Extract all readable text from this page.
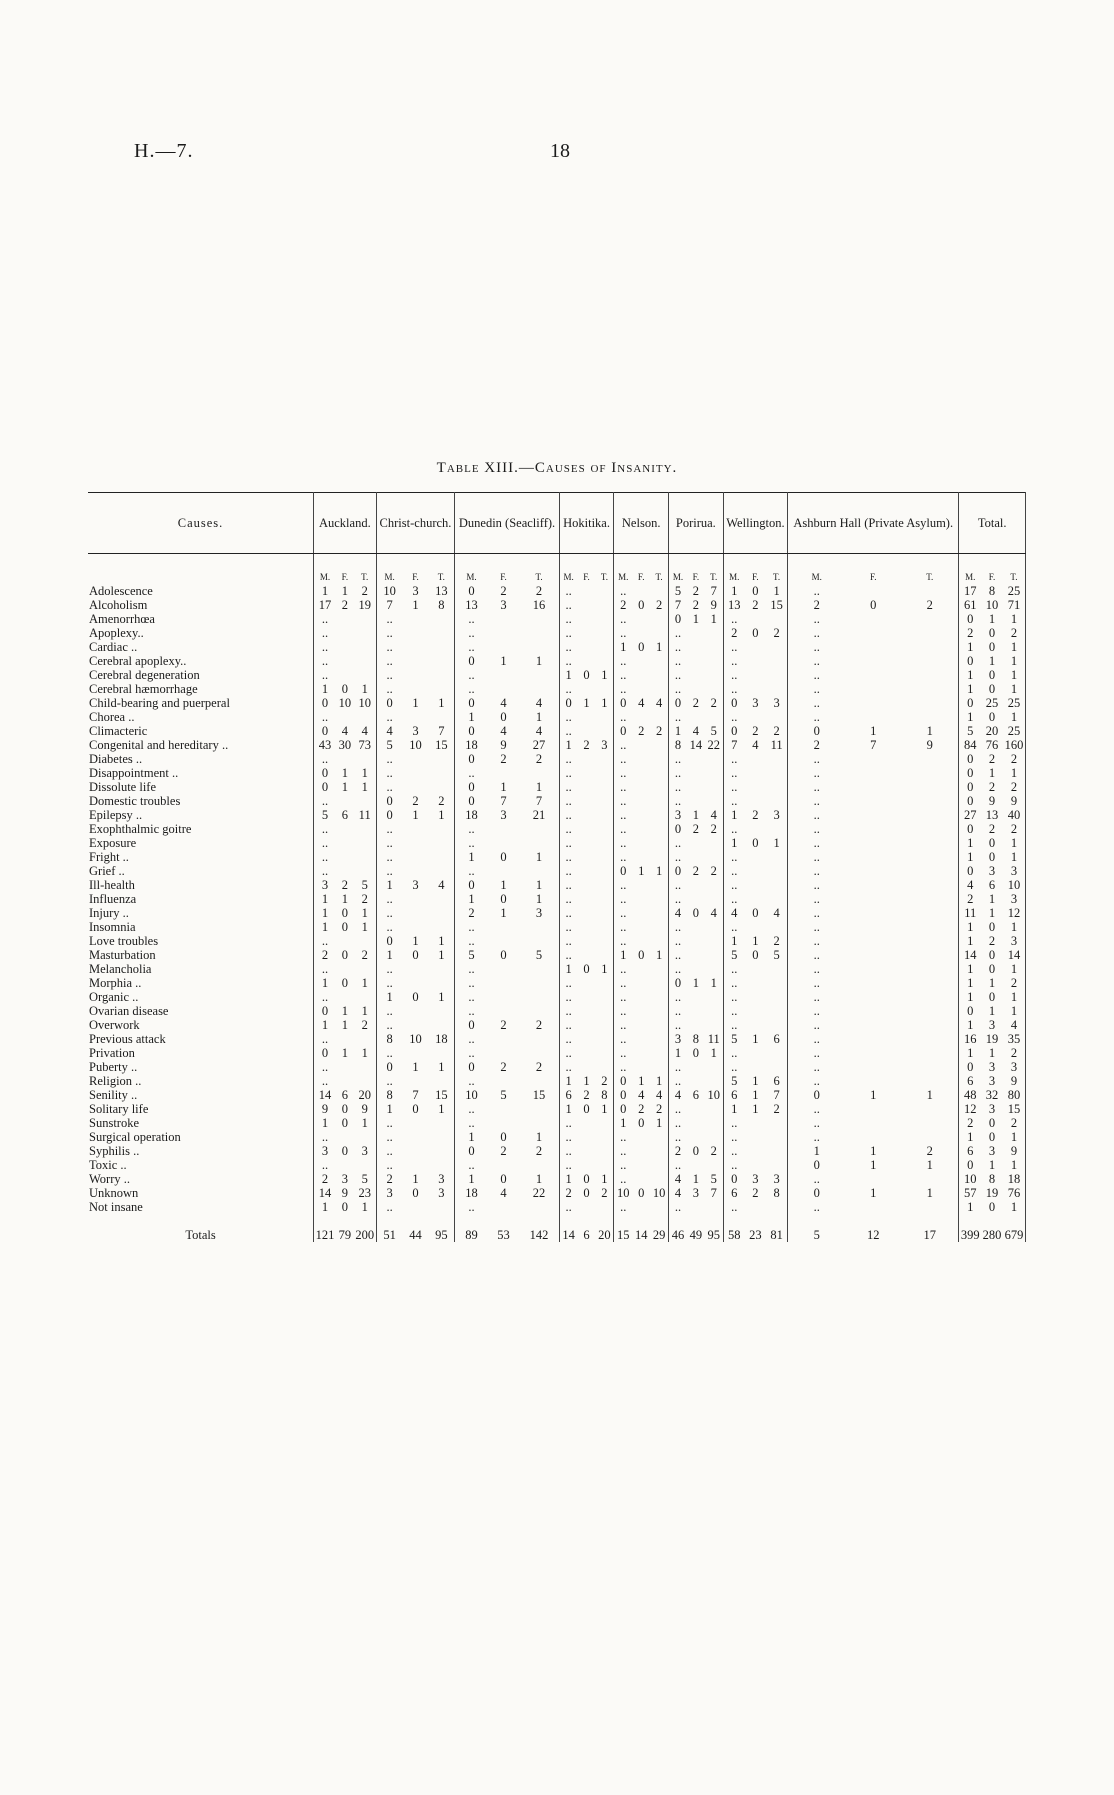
H.—7.	18
Table XIII.—Causes of Insanity.
Causes.	Auckland.			Christ-church.			Dunedin (Seacliff).			Hokitika.			Nelson.			Porirua.			Wellington.			Ashburn Hall (Private Asylum).			Total.		
	M.	F.	T.	M.	F.	T.	M.	F.	T.	M.	F.	T.	M.	F.	T.	M.	F.	T.	M.	F.	T.	M.	F.	T.	M.	F.	T.
Adolescence	1	1	2	10	3	13	0	2	2	..			..			5	2	7	1	0	1	..			17	8	25
Alcoholism	17	2	19	7	1	8	13	3	16	..			2	0	2	7	2	9	13	2	15	2	0	2	61	10	71
Amenorrhœa	..			..			..			..			..			0	1	1	..			..			0	1	1
Apoplexy..	..			..			..			..			..			..			2	0	2	..			2	0	2
Cardiac ..	..			..			..			..			1	0	1	..			..			..			1	0	1
Cerebral apoplexy..	..			..			0	1	1	..			..			..			..			..			0	1	1
Cerebral degeneration	..			..			..			1	0	1	..			..			..			..			1	0	1
Cerebral hæmorrhage	1	0	1	..			..			..			..			..			..			..			1	0	1
Child-bearing and puerperal	0	10	10	0	1	1	0	4	4	0	1	1	0	4	4	0	2	2	0	3	3	..			0	25	25
Chorea ..	..			..			1	0	1	..			..			..			..			..			1	0	1
Climacteric	0	4	4	4	3	7	0	4	4	..			0	2	2	1	4	5	0	2	2	0	1	1	5	20	25
Congenital and hereditary ..	43	30	73	5	10	15	18	9	27	1	2	3	..			8	14	22	7	4	11	2	7	9	84	76	160
Diabetes ..	..			..			0	2	2	..			..			..			..			..			0	2	2
Disappointment ..	0	1	1	..			..			..			..			..			..			..			0	1	1
Dissolute life	0	1	1	..			0	1	1	..			..			..			..			..			0	2	2
Domestic troubles	..			0	2	2	0	7	7	..			..			..			..			..			0	9	9
Epilepsy ..	5	6	11	0	1	1	18	3	21	..			..			3	1	4	1	2	3	..			27	13	40
Exophthalmic goitre	..			..			..			..			..			0	2	2	..			..			0	2	2
Exposure	..			..			..			..			..			..			1	0	1	..			1	0	1
Fright ..	..			..			1	0	1	..			..			..			..			..			1	0	1
Grief ..	..			..			..			..			0	1	1	0	2	2	..			..			0	3	3
Ill-health	3	2	5	1	3	4	0	1	1	..			..			..			..			..			4	6	10
Influenza	1	1	2	..			1	0	1	..			..			..			..			..			2	1	3
Injury ..	1	0	1	..			2	1	3	..			..			4	0	4	4	0	4	..			11	1	12
Insomnia	1	0	1	..			..			..			..			..			..			..			1	0	1
Love troubles	..			0	1	1	..			..			..			..			1	1	2	..			1	2	3
Masturbation	2	0	2	1	0	1	5	0	5	..			1	0	1	..			5	0	5	..			14	0	14
Melancholia	..			..			..			1	0	1	..			..			..			..			1	0	1
Morphia ..	1	0	1	..			..			..			..			0	1	1	..			..			1	1	2
Organic ..	..			1	0	1	..			..			..			..			..			..			1	0	1
Ovarian disease	0	1	1	..			..			..			..			..			..			..			0	1	1
Overwork	1	1	2	..			0	2	2	..			..			..			..			..			1	3	4
Previous attack	..			8	10	18	..			..			..			3	8	11	5	1	6	..			16	19	35
Privation	0	1	1	..			..			..			..			1	0	1	..			..			1	1	2
Puberty ..	..			0	1	1	0	2	2	..			..			..			..			..			0	3	3
Religion ..	..			..			..			1	1	2	0	1	1	..			5	1	6	..			6	3	9
Senility ..	14	6	20	8	7	15	10	5	15	6	2	8	0	4	4	4	6	10	6	1	7	0	1	1	48	32	80
Solitary life	9	0	9	1	0	1	..			1	0	1	0	2	2	..			1	1	2	..			12	3	15
Sunstroke	1	0	1	..			..			..			1	0	1	..			..			..			2	0	2
Surgical operation	..			..			1	0	1	..			..			..			..			..			1	0	1
Syphilis ..	3	0	3	..			0	2	2	..			..			2	0	2	..			1	1	2	6	3	9
Toxic ..	..			..			..			..			..			..			..			0	1	1	0	1	1
Worry ..	2	3	5	2	1	3	1	0	1	1	0	1	..			4	1	5	0	3	3	..			10	8	18
Unknown	14	9	23	3	0	3	18	4	22	2	0	2	10	0	10	4	3	7	6	2	8	0	1	1	57	19	76
Not insane	1	0	1	..			..			..			..			..			..			..			1	0	1
Totals	121	79	200	51	44	95	89	53	142	14	6	20	15	14	29	46	49	95	58	23	81	5	12	17	399	280	679
